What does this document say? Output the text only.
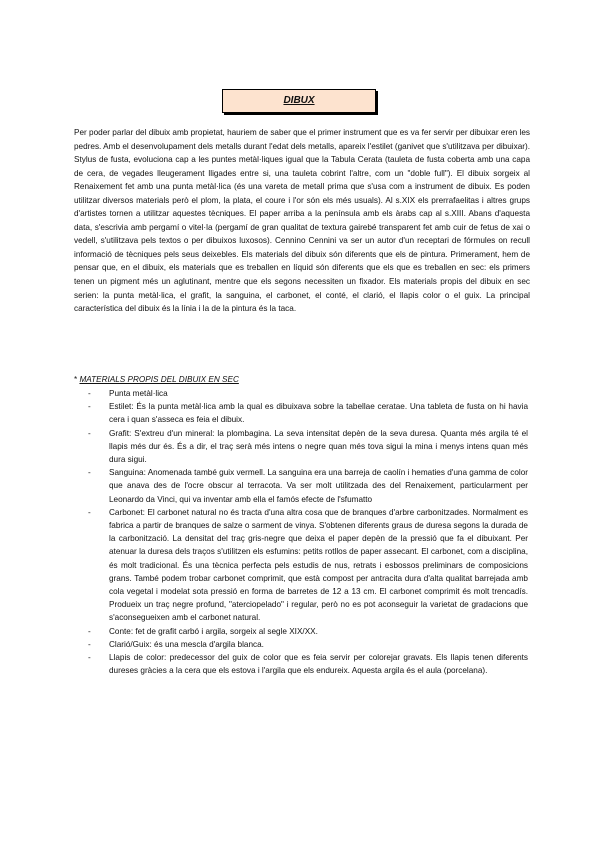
DIBUX

Per poder parlar del dibuix amb propietat, hauriem de saber que el primer instrument que es va fer servir per dibuixar eren les pedres. Amb el desenvolupament dels metalls durant l'edat dels metalls, apareix l'estilet (ganivet que s'utilitzava per dibuixar). Stylus de fusta, evoluciona cap a les puntes metàl·liques igual que la Tabula Cerata (tauleta de fusta coberta amb una capa de cera, de vegades lleugerament lligades entre si, una tauleta cobrint l'altre, com un "doble full"). El dibuix sorgeix al Renaixement fet amb una punta metàl·lica (és una vareta de metall prima que s'usa com a instrument de dibuix. Es poden utilitzar diversos materials però el plom, la plata, el coure i l'or són els més usuals). Al s.XIX els prerrafaelitas i altres grups d'artistes tornen a utilitzar aquestes tècniques. El paper arriba a la península amb els àrabs cap al s.XIII. Abans d'aquesta data, s'escrivia amb pergamí o vitel·la (pergamí de gran qualitat de textura gairebé transparent fet amb cuir de fetus de xai o vedell, s'utilitzava pels textos o per dibuixos luxosos). Cennino Cennini va ser un autor d'un receptari de fórmules on recull informació de tècniques pels seus deixebles. Els materials del dibuix són diferents que els de pintura. Primerament, hem de pensar que, en el dibuix, els materials que es treballen en líquid són diferents que els que es treballen en sec: els primers tenen un pigment més un aglutinant, mentre que els segons necessiten un fixador. Els materials propis del dibuix en sec serien: la punta metàl·lica, el grafit, la sanguina, el carbonet, el conté, el clarió, el llapis color o el guix. La principal característica del dibuix és la línia i la de la pintura és la taca.

* MATERIALS PROPIS DEL DIBUIX EN SEC
- Punta metàl·lica
- Estilet: És la punta metàl·lica amb la qual es dibuixava sobre la tabellae ceratae. Una tableta de fusta on hi havia cera i quan s'asseca es feia el dibuix.
- Grafit: S'extreu d'un mineral: la plombagina. La seva intensitat depèn de la seva duresa. Quanta més argila té el llapis més dur és. És a dir, el traç serà més intens o negre quan més tova sigui la mina i menys intens quan més dura sigui.
- Sanguina: Anomenada també guix vermell. La sanguina era una barreja de caolín i hematies d'una gamma de color que anava des de l'ocre obscur al terracota. Va ser molt utilitzada des del Renaixement, particularment per Leonardo da Vinci, qui va inventar amb ella el famós efecte de l'sfumatto
- Carbonet: El carbonet natural no és tracta d'una altra cosa que de branques d'arbre carbonitzades. Normalment es fabrica a partir de branques de salze o sarment de vinya. S'obtenen diferents graus de duresa segons la durada de la carbonització. La densitat del traç gris-negre que deixa el paper depèn de la pressió que fa el dibuixant. Per atenuar la duresa dels traços s'utilitzen els esfumins: petits rotllos de paper assecant. El carbonet, com a disciplina, és molt tradicional. És una tècnica perfecta pels estudis de nus, retrats i esbossos preliminars de composicions grans. També podem trobar carbonet comprimit, que està compost per antracita dura d'alta qualitat barrejada amb cola vegetal i modelat sota pressió en forma de barretes de 12 a 13 cm. El carbonet comprimit és molt trencadís. Produeix un traç negre profund, "aterciopelado" i regular, però no es pot aconseguir la varietat de gradacions que s'aconsegueixen amb el carbonet natural.
- Conte: fet de grafit carbó i argila, sorgeix al segle XIX/XX.
- Clarió/Guix: és una mescla d'argila blanca.
- Llapis de color: predecessor del guix de color que es feia servir per colorejar gravats. Els llapis tenen diferents dureses gràcies a la cera que els estova i l'argila que els endureix. Aquesta argila és el aula (porcelana).
